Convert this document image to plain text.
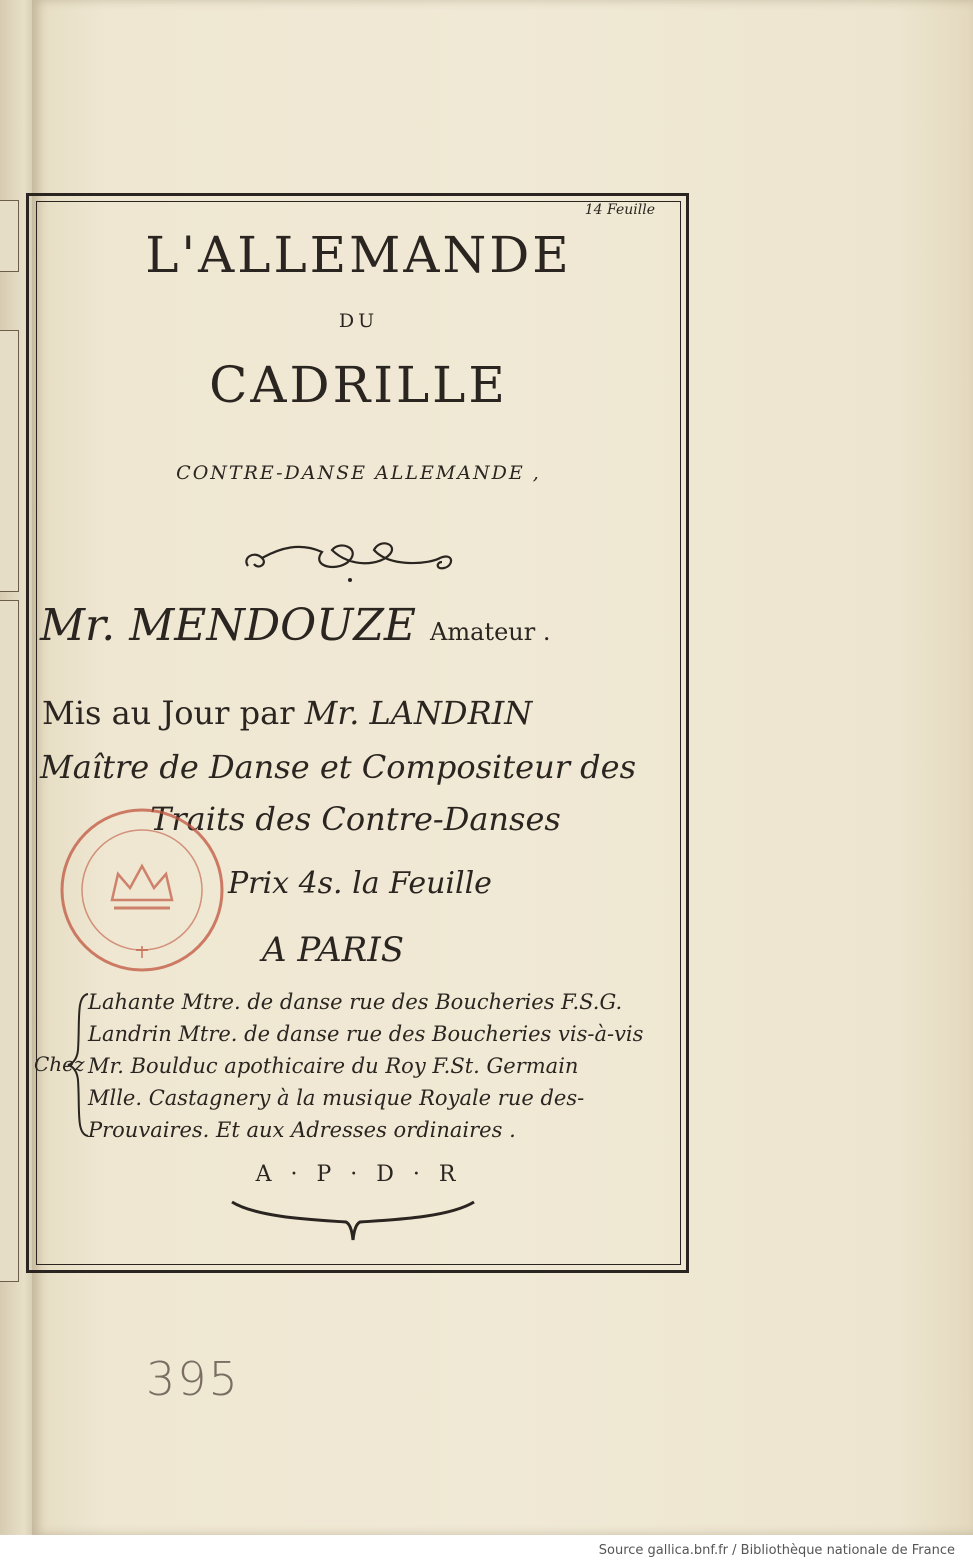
14 Feuille
L'ALLEMANDE
DU
CADRILLE
CONTRE-DANSE ALLEMANDE ,
Mr. MENDOUZE Amateur .
Mis au Jour par Mr. LANDRIN
Maître de Danse et Compositeur des
Traits des Contre-Danses
Prix 4s. la Feuille
A PARIS
Chez
Lahante Mtre. de danse rue des Boucheries F.S.G.
Landrin Mtre. de danse rue des Boucheries vis-à-vis
Mr. Boulduc apothicaire du Roy F.St. Germain
Mlle. Castagnery à la musique Royale rue des-
Prouvaires. Et aux Adresses ordinaires .
A · P · D · R
395
Source gallica.bnf.fr / Bibliothèque nationale de France
